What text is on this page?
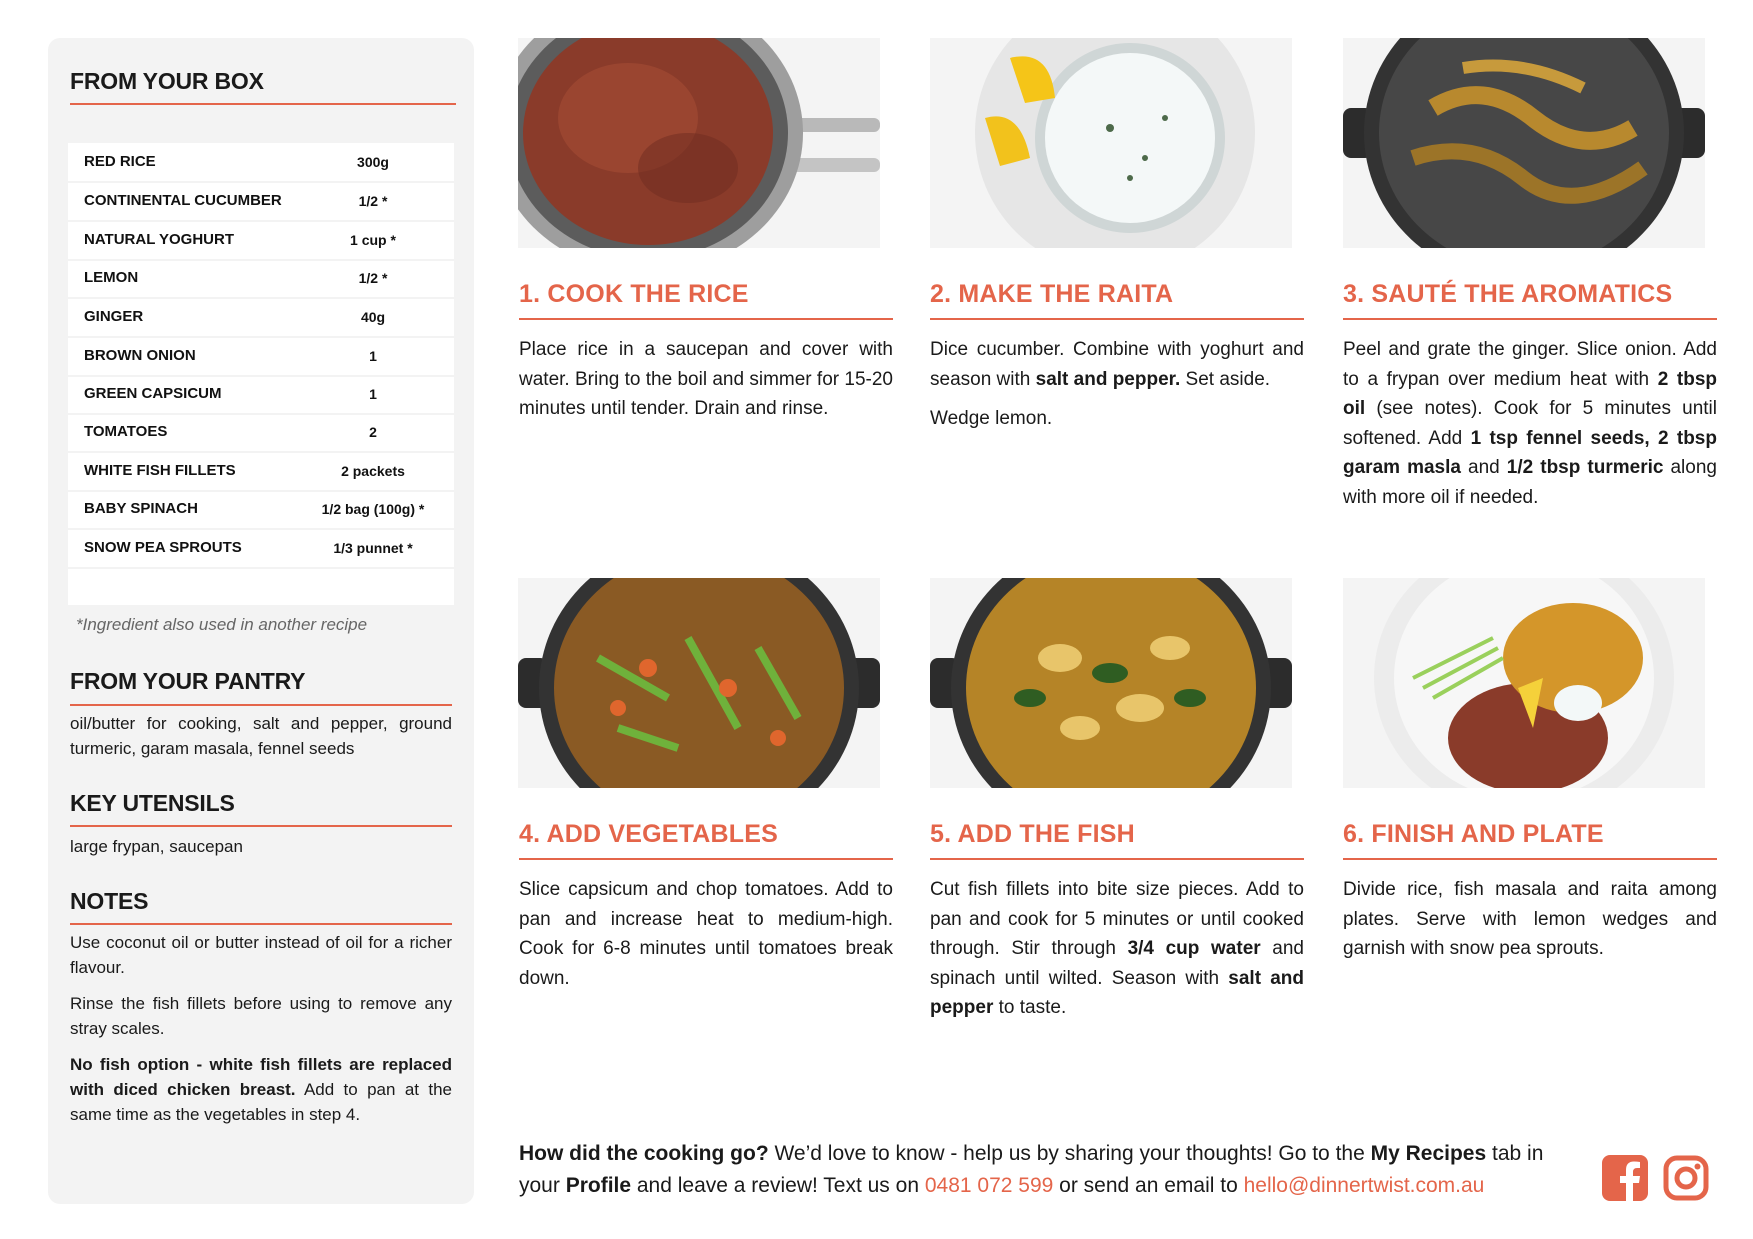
FROM YOUR BOX
RED RICE	300g
CONTINENTAL CUCUMBER	1/2 *
NATURAL YOGHURT	1 cup *
LEMON	1/2 *
GINGER	40g
BROWN ONION	1
GREEN CAPSICUM	1
TOMATOES	2
WHITE FISH FILLETS	2 packets
BABY SPINACH	1/2 bag (100g) *
SNOW PEA SPROUTS	1/3 punnet *
*Ingredient also used in another recipe
FROM YOUR PANTRY
oil/butter for cooking, salt and pepper, ground turmeric, garam masala, fennel seeds
KEY UTENSILS
large frypan, saucepan
NOTES
Use coconut oil or butter instead of oil for a richer flavour.
Rinse the fish fillets before using to remove any stray scales.
No fish option - white fish fillets are replaced with diced chicken breast. Add to pan at the same time as the vegetables in step 4.
1. COOK THE RICE
Place rice in a saucepan and cover with water. Bring to the boil and simmer for 15-20 minutes until tender. Drain and rinse.
2. MAKE THE RAITA

Dice cucumber. Combine with yoghurt and season with salt and pepper. Set aside.

Wedge lemon.

3. SAUTÉ THE AROMATICS
Peel and grate the ginger. Slice onion. Add to a frypan over medium heat with 2 tbsp oil (see notes). Cook for 5 minutes until softened. Add 1 tsp fennel seeds, 2 tbsp garam masla and 1/2 tbsp turmeric along with more oil if needed.
4. ADD VEGETABLES
Slice capsicum and chop tomatoes. Add to pan and increase heat to medium-high. Cook for 6-8 minutes until tomatoes break down.
5. ADD THE FISH
Cut fish fillets into bite size pieces. Add to pan and cook for 5 minutes or until cooked through. Stir through 3/4 cup water and spinach until wilted. Season with salt and pepper to taste.
6. FINISH AND PLATE
Divide rice, fish masala and raita among plates. Serve with lemon wedges and garnish with snow pea sprouts.
How did the cooking go? We’d love to know - help us by sharing your thoughts! Go to the My Recipes tab in your Profile and leave a review! Text us on 0481 072 599 or send an email to hello@dinnertwist.com.au
